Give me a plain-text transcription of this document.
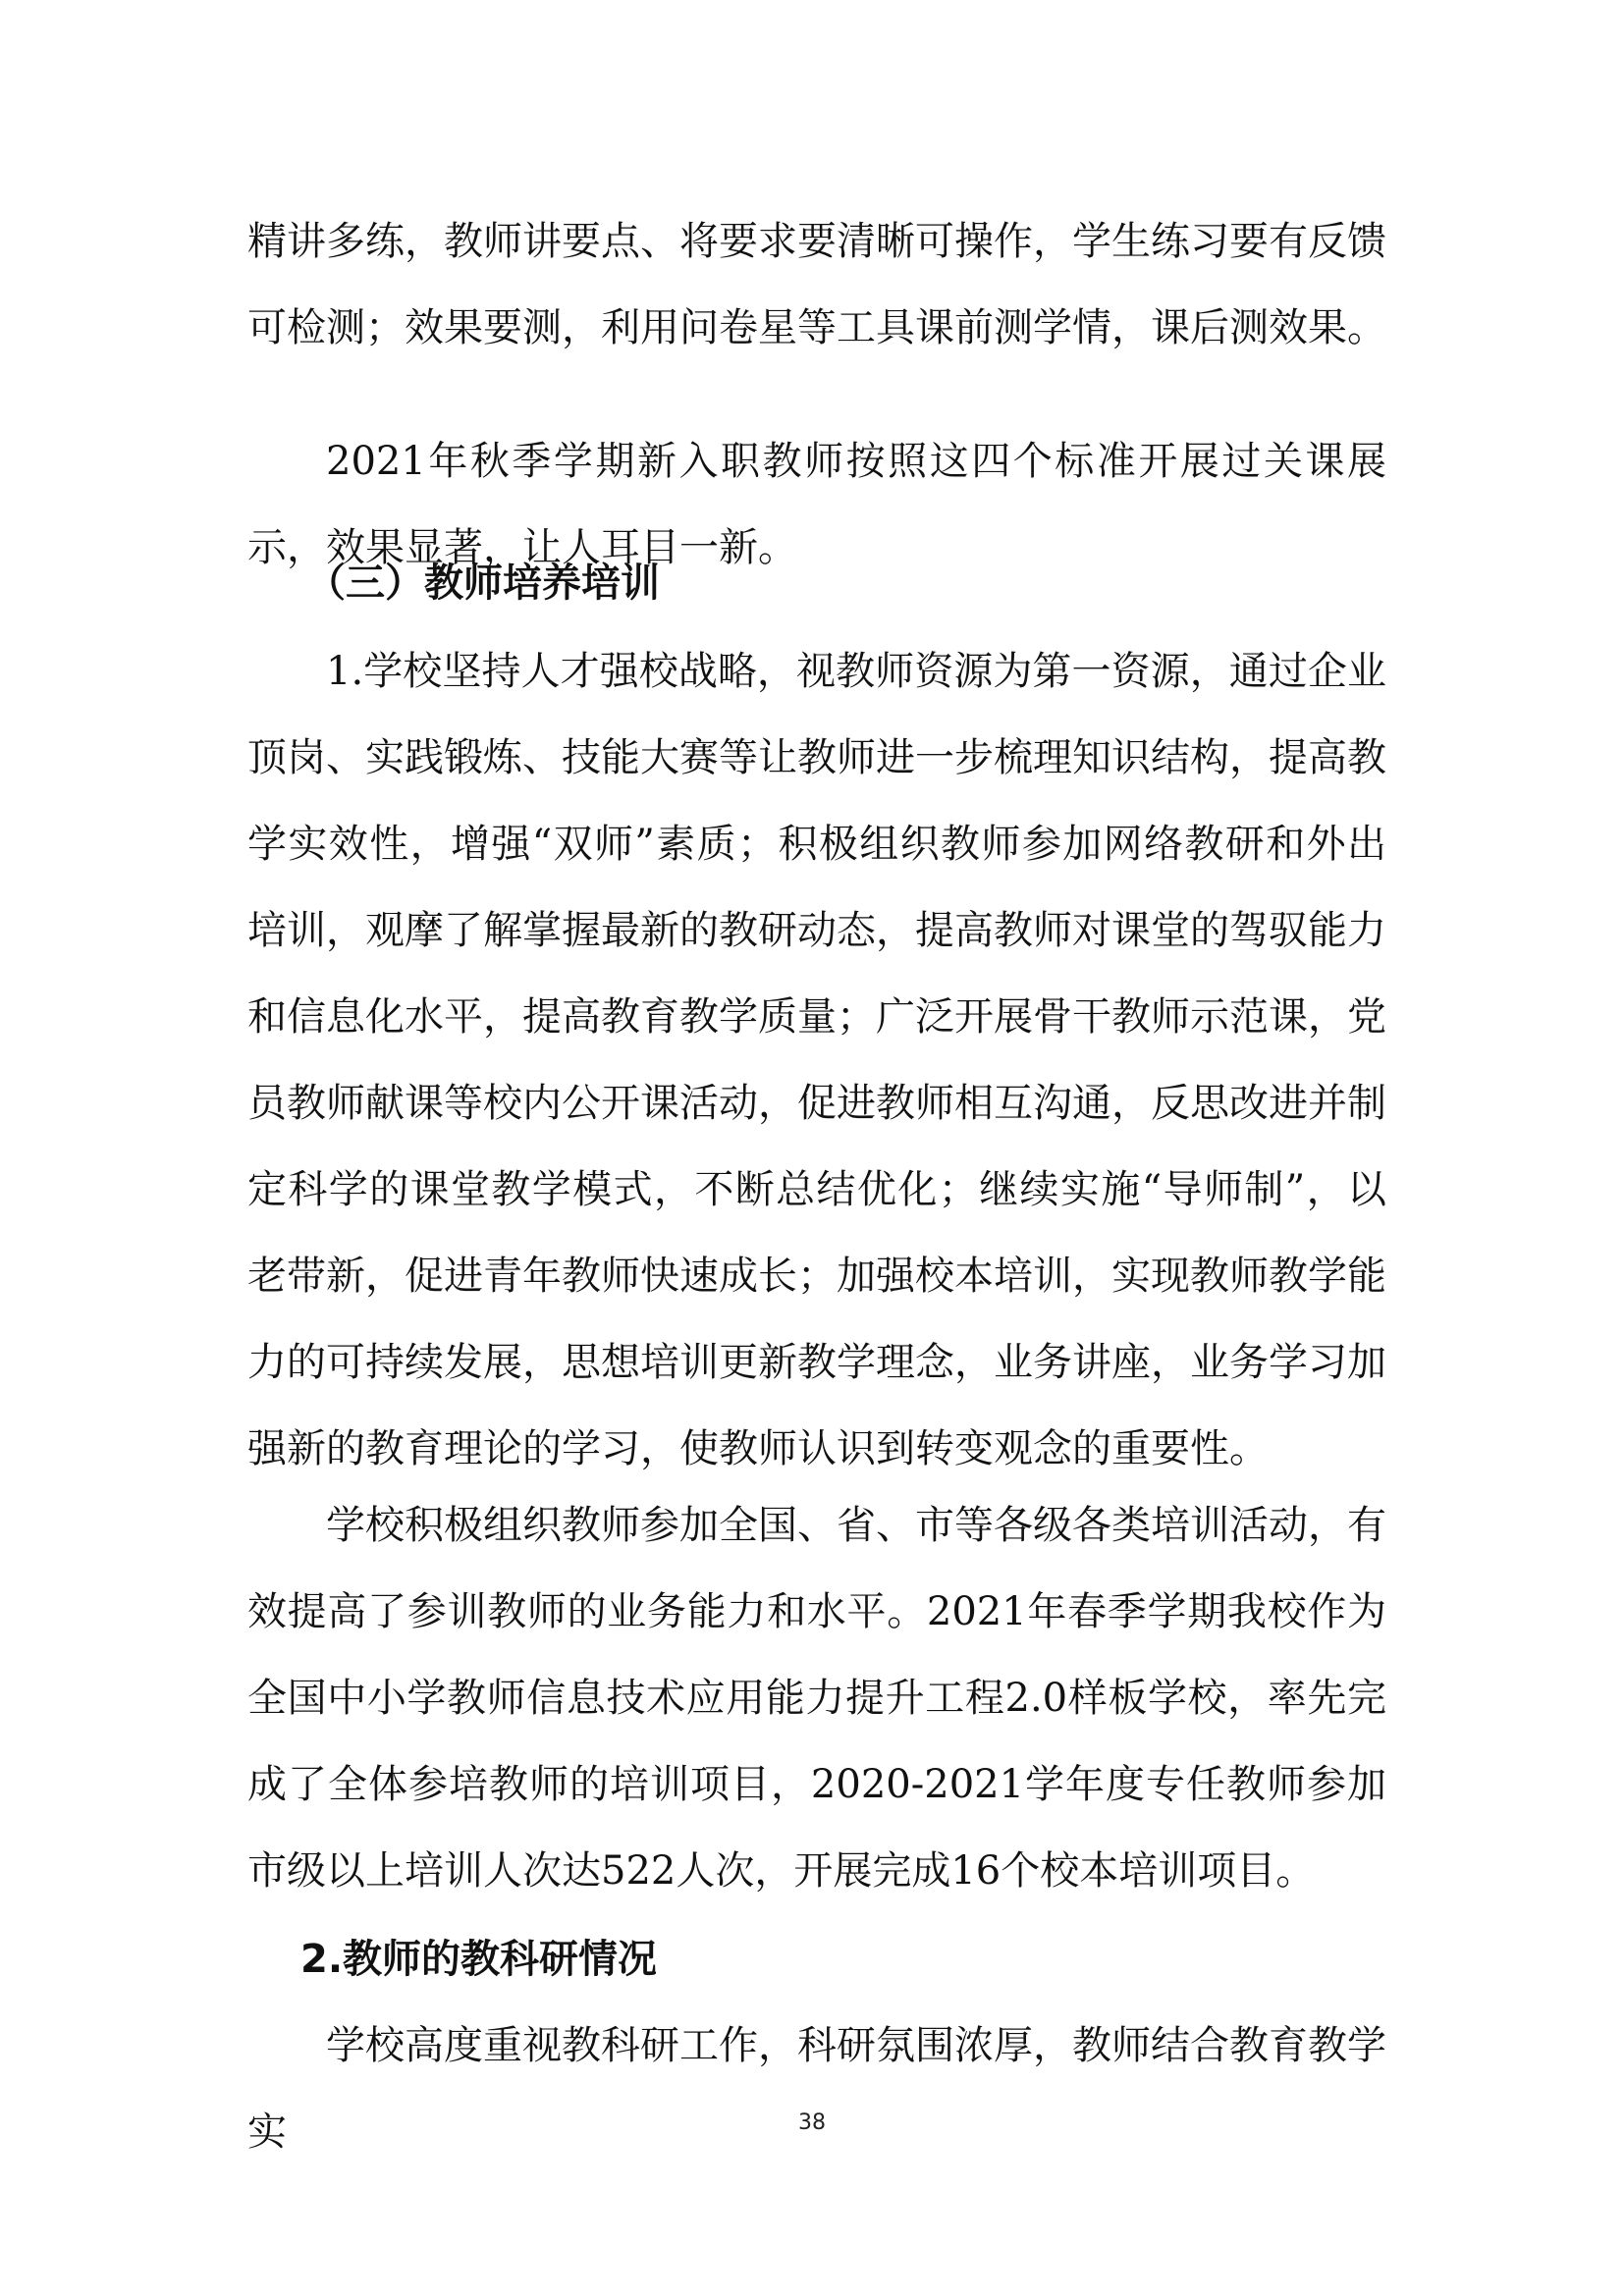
精讲多练，教师讲要点、将要求要清晰可操作，学生练习要有反馈可检测；效果要测，利用问卷星等工具课前测学情，课后测效果。
2021年秋季学期新入职教师按照这四个标准开展过关课展示，效果显著，让人耳目一新。
（三）教师培养培训
1.学校坚持人才强校战略，视教师资源为第一资源，通过企业顶岗、实践锻炼、技能大赛等让教师进一步梳理知识结构，提高教学实效性，增强“双师”素质；积极组织教师参加网络教研和外出培训，观摩了解掌握最新的教研动态，提高教师对课堂的驾驭能力和信息化水平，提高教育教学质量；广泛开展骨干教师示范课，党员教师献课等校内公开课活动，促进教师相互沟通，反思改进并制定科学的课堂教学模式，不断总结优化；继续实施“导师制”，以老带新，促进青年教师快速成长；加强校本培训，实现教师教学能力的可持续发展，思想培训更新教学理念，业务讲座，业务学习加强新的教育理论的学习，使教师认识到转变观念的重要性。
学校积极组织教师参加全国、省、市等各级各类培训活动，有效提高了参训教师的业务能力和水平。2021年春季学期我校作为全国中小学教师信息技术应用能力提升工程2.0样板学校，率先完成了全体参培教师的培训项目，2020-2021学年度专任教师参加市级以上培训人次达522人次，开展完成16个校本培训项目。
2.教师的教科研情况
学校高度重视教科研工作，科研氛围浓厚，教师结合教育教学实	38
